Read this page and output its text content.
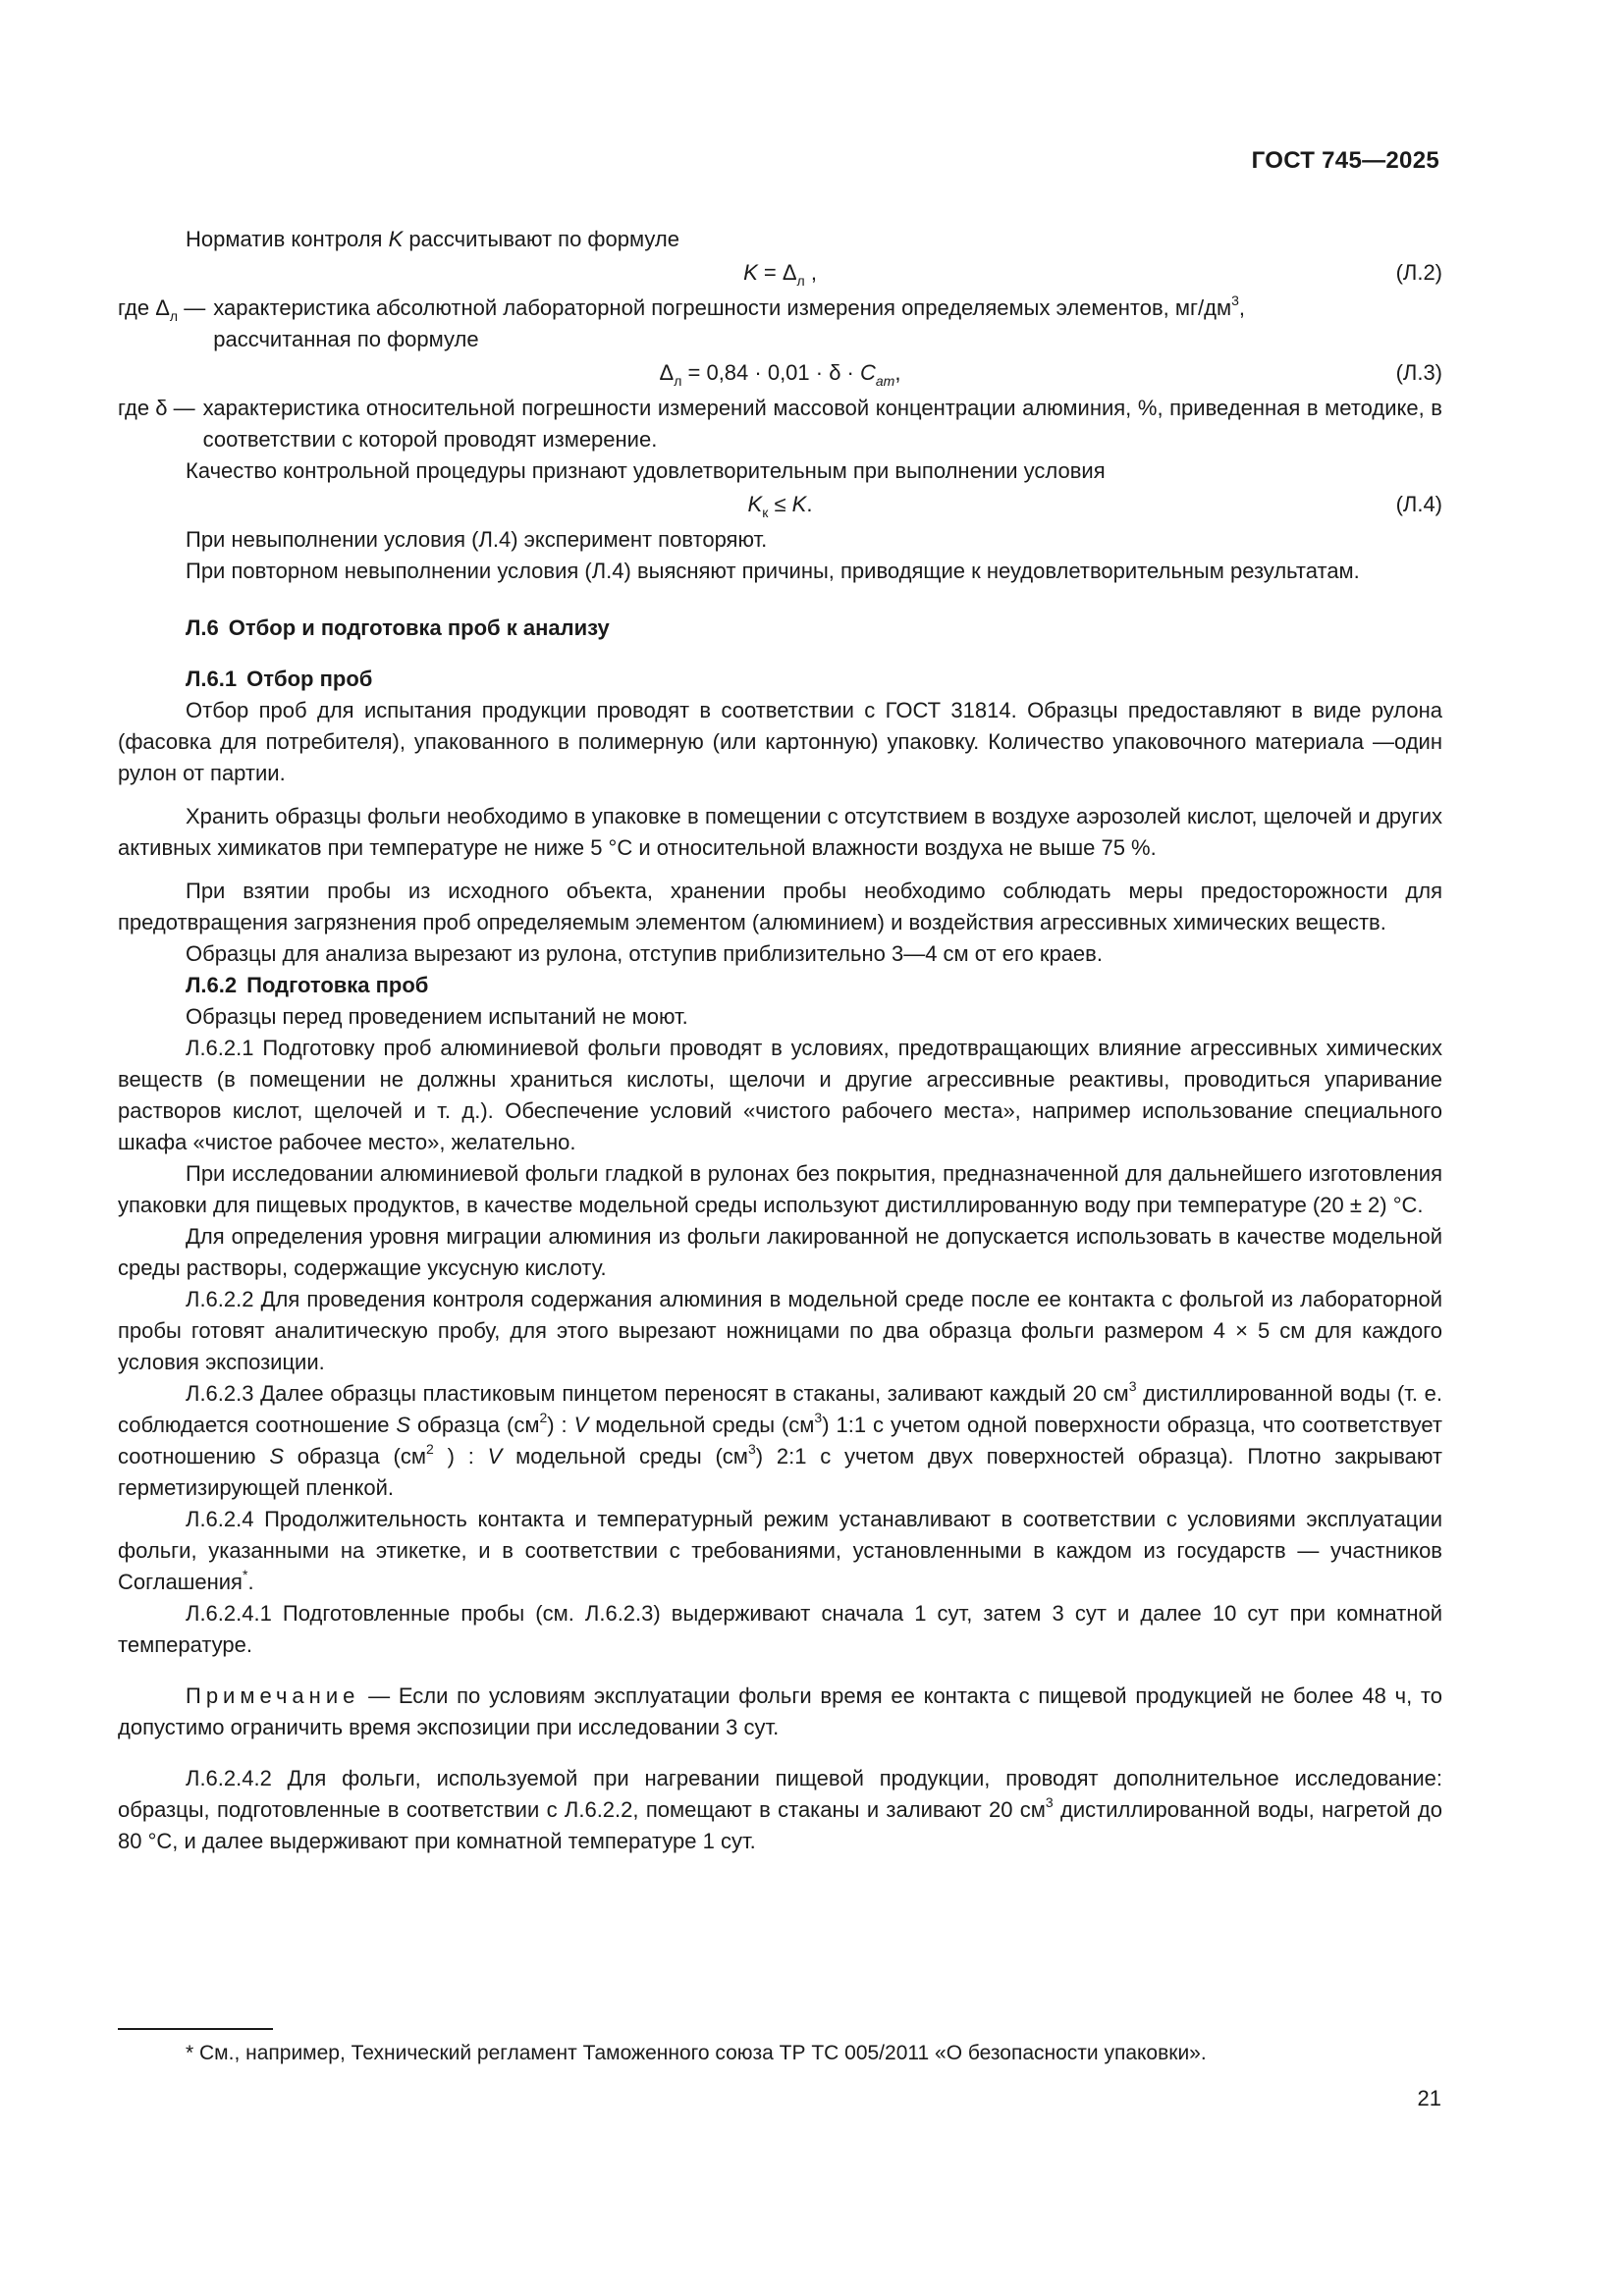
ГОСТ 745—2025

Норматив контроля K рассчитывают по формуле

$K = \Delta_л$ ,	(Л.2)
где $\Delta_л$ — характеристика абсолютной лабораторной погрешности измерения определяемых элементов, $мг/дм^3$,
рассчитанная по формуле
$\Delta_л = 0,84 \cdot 0,01 \cdot \delta \cdot C_{am}$,	(Л.3)
где δ — характеристика относительной погрешности измерений массовой концентрации алюминия, %, приведенная в методике, в соответствии с которой проводят измерение.

Качество контрольной процедуры признают удовлетворительным при выполнении условия

$K_к \le K$.	(Л.4)

При невыполнении условия (Л.4) эксперимент повторяют.

При повторном невыполнении условия (Л.4) выясняют причины, приводящие к неудовлетворительным результатам.

Л.6 Отбор и подготовка проб к анализу

Л.6.1 Отбор проб

Отбор проб для испытания продукции проводят в соответствии с ГОСТ 31814. Образцы предоставляют в виде рулона (фасовка для потребителя), упакованного в полимерную (или картонную) упаковку. Количество упаковочного материала —один рулон от партии.

Хранить образцы фольги необходимо в упаковке в помещении с отсутствием в воздухе аэрозолей кислот, щелочей и других активных химикатов при температуре не ниже 5 °С и относительной влажности воздуха не выше 75 %.

При взятии пробы из исходного объекта, хранении пробы необходимо соблюдать меры предосторожности для предотвращения загрязнения проб определяемым элементом (алюминием) и воздействия агрессивных химических веществ.

Образцы для анализа вырезают из рулона, отступив приблизительно 3—4 см от его краев.

Л.6.2 Подготовка проб

Образцы перед проведением испытаний не моют.

Л.6.2.1 Подготовку проб алюминиевой фольги проводят в условиях, предотвращающих влияние агрессивных химических веществ (в помещении не должны храниться кислоты, щелочи и другие агрессивные реактивы, проводиться упаривание растворов кислот, щелочей и т. д.). Обеспечение условий «чистого рабочего места», например использование специального шкафа «чистое рабочее место», желательно.

При исследовании алюминиевой фольги гладкой в рулонах без покрытия, предназначенной для дальнейшего изготовления упаковки для пищевых продуктов, в качестве модельной среды используют дистиллированную воду при температуре (20 ± 2) °С.

Для определения уровня миграции алюминия из фольги лакированной не допускается использовать в качестве модельной среды растворы, содержащие уксусную кислоту.

Л.6.2.2 Для проведения контроля содержания алюминия в модельной среде после ее контакта с фольгой из лабораторной пробы готовят аналитическую пробу, для этого вырезают ножницами по два образца фольги размером 4 × 5 см для каждого условия экспозиции.

Л.6.2.3 Далее образцы пластиковым пинцетом переносят в стаканы, заливают каждый 20 $см^3$ дистиллированной воды (т. е. соблюдается соотношение S образца $(см^2)$ : V модельной среды $(см^3)$ 1:1 с учетом одной поверхности образца, что соответствует соотношению S образца ($см^2$ ) : V модельной среды $(см^3)$ 2:1 с учетом двух поверхностей образца). Плотно закрывают герметизирующей пленкой.

Л.6.2.4 Продолжительность контакта и температурный режим устанавливают в соответствии с условиями эксплуатации фольги, указанными на этикетке, и в соответствии с требованиями, установленными в каждом из государств — участников Соглашения*.

Л.6.2.4.1 Подготовленные пробы (см. Л.6.2.3) выдерживают сначала 1 сут, затем 3 сут и далее 10 сут при комнатной температуре.

Примечание — Если по условиям эксплуатации фольги время ее контакта с пищевой продукцией не более 48 ч, то допустимо ограничить время экспозиции при исследовании 3 сут.

Л.6.2.4.2 Для фольги, используемой при нагревании пищевой продукции, проводят дополнительное исследование: образцы, подготовленные в соответствии с Л.6.2.2, помещают в стаканы и заливают 20 $см^3$ дистиллированной воды, нагретой до 80 °С, и далее выдерживают при комнатной температуре 1 сут.

* См., например, Технический регламент Таможенного союза ТР ТС 005/2011 «О безопасности упаковки».
21
